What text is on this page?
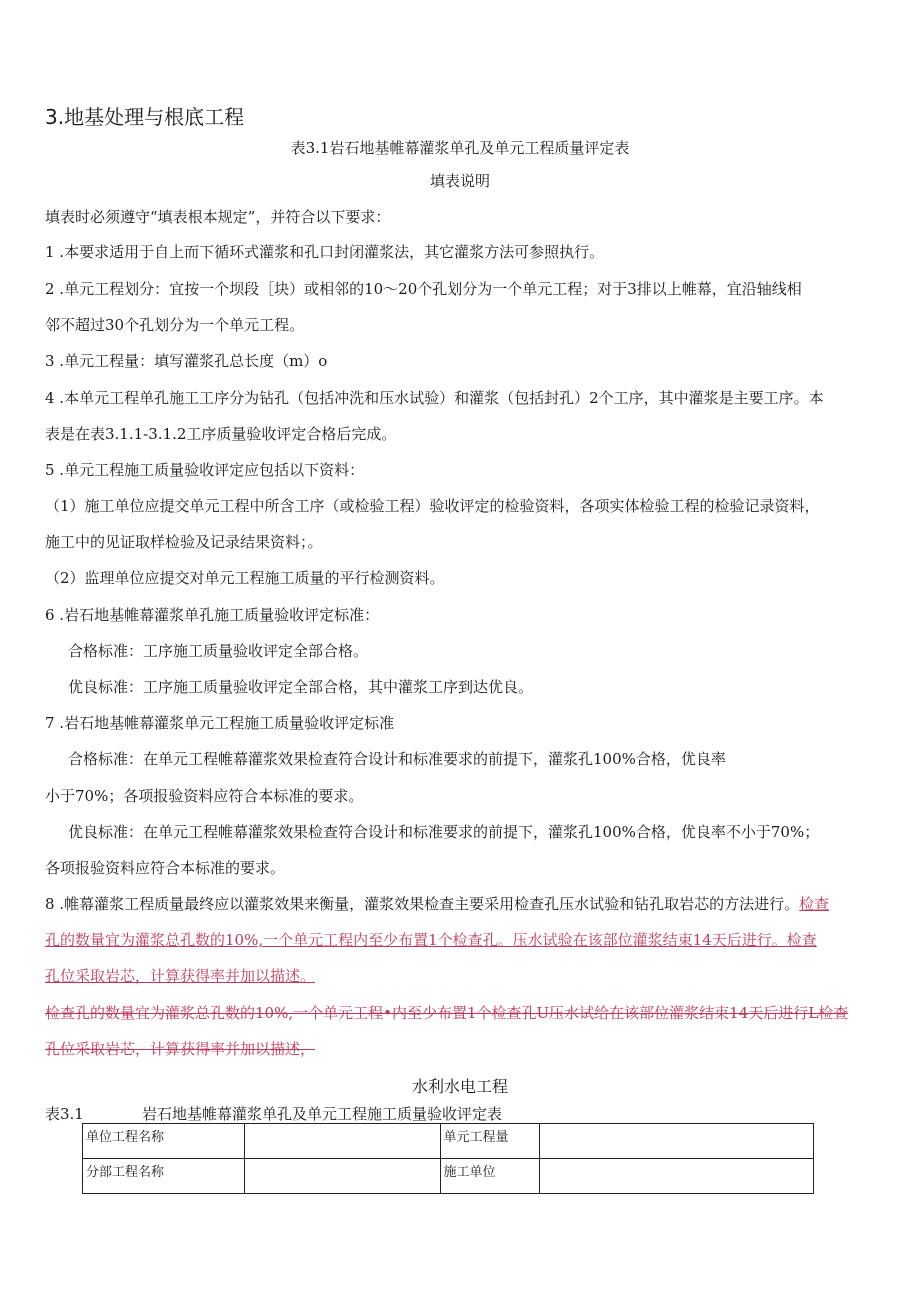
3.地基处理与根底工程
表3.1岩石地基帷幕灌浆单孔及单元工程质量评定表
填表说明
填表时必须遵守“填表根本规定”，并符合以下要求：
1 .本要求适用于自上而下循环式灌浆和孔口封闭灌浆法，其它灌浆方法可参照执行。
2 .单元工程划分：宜按一个坝段［块）或相邻的10～20个孔划分为一个单元工程；对于3排以上帷幕，宜沿轴线相
邻不超过30个孔划分为一个单元工程。
3 .单元工程量：填写灌浆孔总长度（m）o
4 .本单元工程单孔施工工序分为钻孔（包括冲洗和压水试验）和灌浆（包括封孔）2个工序，其中灌浆是主要工序。本
表是在表3.1.1-3.1.2工序质量验收评定合格后完成。
5 .单元工程施工质量验收评定应包括以下资料：
（1）施工单位应提交单元工程中所含工序（或检验工程）验收评定的检验资料，各项实体检验工程的检验记录资料，
施工中的见证取样检验及记录结果资料；。
（2）监理单位应提交对单元工程施工质量的平行检测资料。
6 .岩石地基帷幕灌浆单孔施工质量验收评定标准：
合格标准：工序施工质量验收评定全部合格。
优良标准：工序施工质量验收评定全部合格，其中灌浆工序到达优良。
7 .岩石地基帷幕灌浆单元工程施工质量验收评定标准
合格标准：在单元工程帷幕灌浆效果检查符合设计和标准要求的前提下，灌浆孔100%合格，优良率
小于70%；各项报验资料应符合本标准的要求。
优良标准：在单元工程帷幕灌浆效果检查符合设计和标准要求的前提下，灌浆孔100%合格，优良率不小于70%；
各项报验资料应符合本标准的要求。
8 .帷幕灌浆工程质量最终应以灌浆效果来衡量，灌浆效果检查主要采用检查孔压水试验和钻孔取岩芯的方法进行。检查
孔的数量宜为灌浆总孔数的10%,一个单元工程内至少布置1个检查孔。压水试验在该部位灌浆结束14天后进行。检查
孔位采取岩芯，计算获得率并加以描述。
检查孔的数量宜为灌浆总孔数的10%,一个单元工程•内至少布置1个检查孔U压水试给在该部位灌浆结束14天后进行L检查
孔位采取岩芯，计算获得率并加以描述，
水利水电工程
表3.1	岩石地基帷幕灌浆单孔及单元工程施工质量验收评定表
单位工程名称		单元工程量	
分部工程名称		施工单位	
